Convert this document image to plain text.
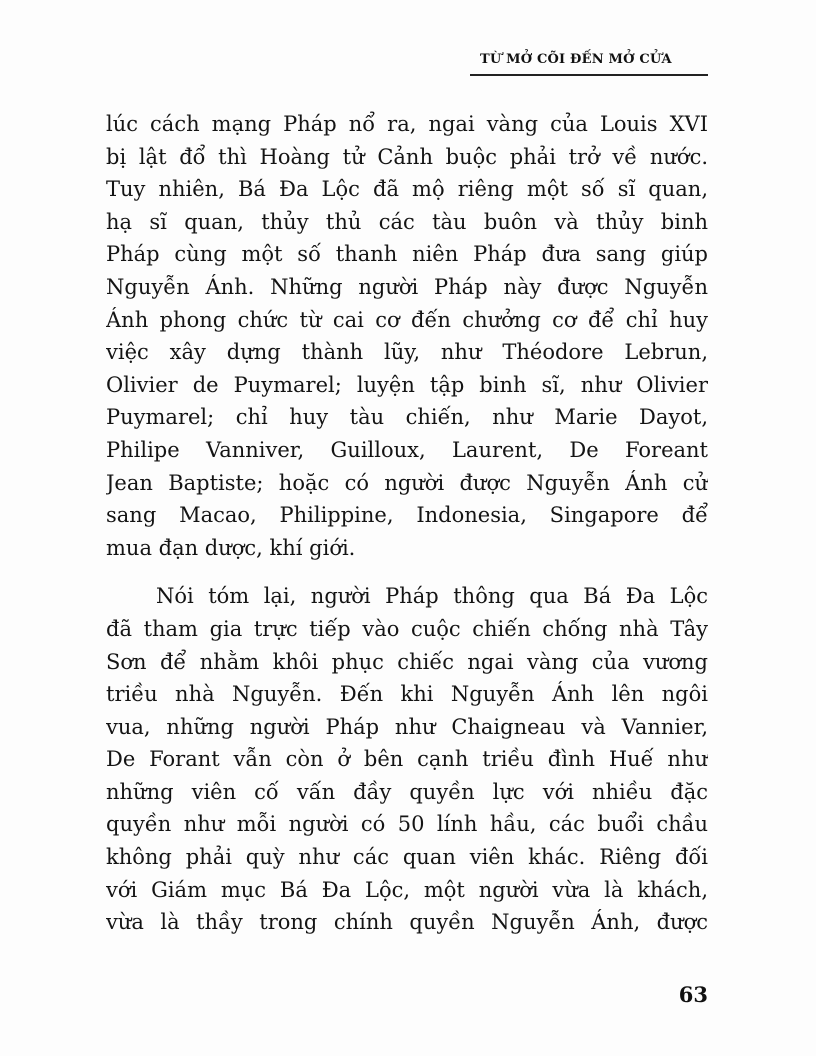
TỪ MỞ CÕI ĐẾN MỞ CỬA
lúc cách mạng Pháp nổ ra, ngai vàng của Louis XVI
bị lật đổ thì Hoàng tử Cảnh buộc phải trở về nước.
Tuy nhiên, Bá Đa Lộc đã mộ riêng một số sĩ quan,
hạ sĩ quan, thủy thủ các tàu buôn và thủy binh
Pháp cùng một số thanh niên Pháp đưa sang giúp
Nguyễn Ánh. Những người Pháp này được Nguyễn
Ánh phong chức từ cai cơ đến chưởng cơ để chỉ huy
việc xây dựng thành lũy, như Théodore Lebrun,
Olivier de Puymarel; luyện tập binh sĩ, như Olivier
Puymarel; chỉ huy tàu chiến, như Marie Dayot,
Philipe Vanniver, Guilloux, Laurent, De Foreant
Jean Baptiste; hoặc có người được Nguyễn Ánh cử
sang Macao, Philippine, Indonesia, Singapore để
mua đạn dược, khí giới.
Nói tóm lại, người Pháp thông qua Bá Đa Lộc
đã tham gia trực tiếp vào cuộc chiến chống nhà Tây
Sơn để nhằm khôi phục chiếc ngai vàng của vương
triều nhà Nguyễn. Đến khi Nguyễn Ánh lên ngôi
vua, những người Pháp như Chaigneau và Vannier,
De Forant vẫn còn ở bên cạnh triều đình Huế như
những viên cố vấn đầy quyền lực với nhiều đặc
quyền như mỗi người có 50 lính hầu, các buổi chầu
không phải quỳ như các quan viên khác. Riêng đối
với Giám mục Bá Đa Lộc, một người vừa là khách,
vừa là thầy trong chính quyền Nguyễn Ánh, được
63
